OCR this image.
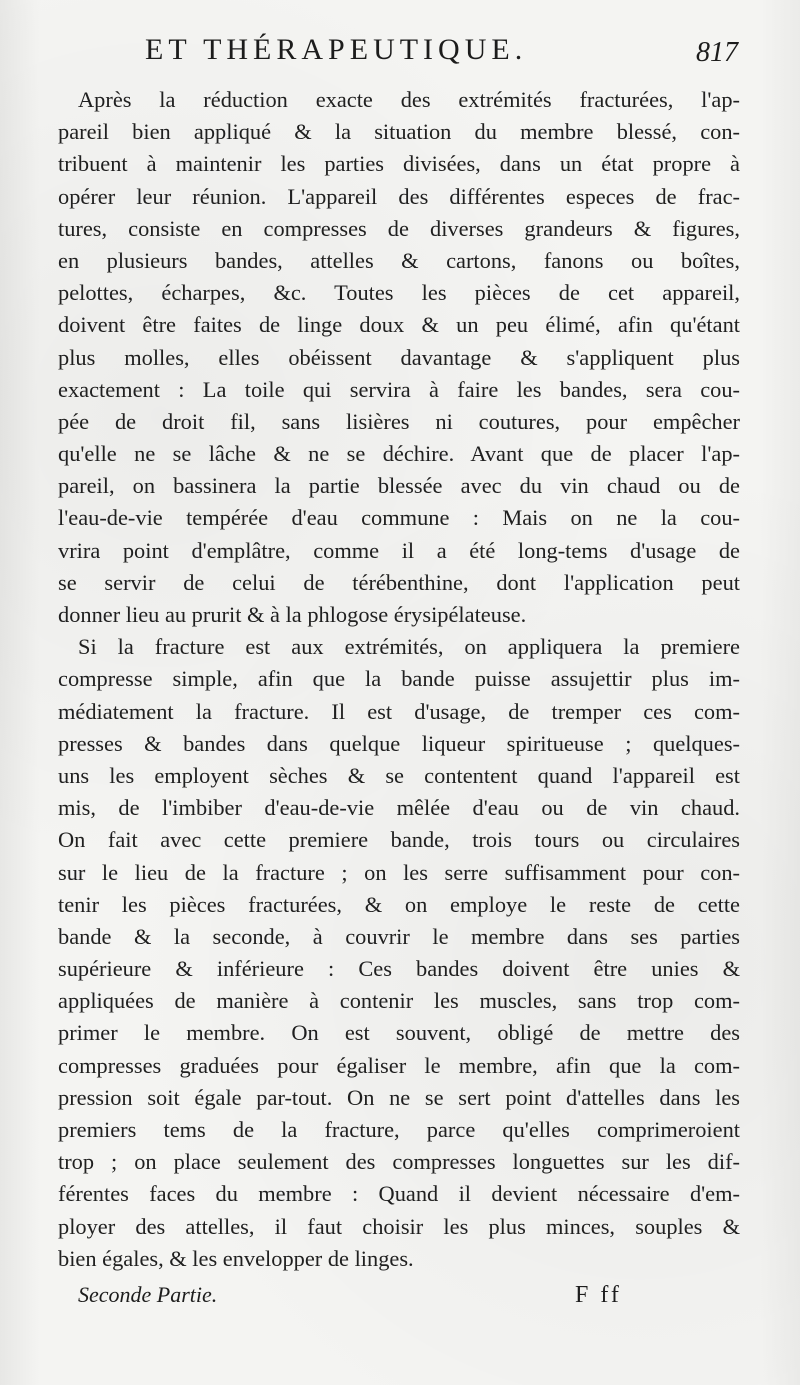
ET THÉRAPEUTIQUE.	817
Après la réduction exacte des extrémités fracturées, l'ap-
pareil bien appliqué & la situation du membre blessé, con-
tribuent à maintenir les parties divisées, dans un état propre à
opérer leur réunion. L'appareil des différentes especes de frac-
tures, consiste en compresses de diverses grandeurs & figures,
en plusieurs bandes, attelles & cartons, fanons ou boîtes,
pelottes, écharpes, &c. Toutes les pièces de cet appareil,
doivent être faites de linge doux & un peu élimé, afin qu'étant
plus molles, elles obéissent davantage & s'appliquent plus
exactement : La toile qui servira à faire les bandes, sera cou-
pée de droit fil, sans lisières ni coutures, pour empêcher
qu'elle ne se lâche & ne se déchire. Avant que de placer l'ap-
pareil, on bassinera la partie blessée avec du vin chaud ou de
l'eau-de-vie tempérée d'eau commune : Mais on ne la cou-
vrira point d'emplâtre, comme il a été long-tems d'usage de
se servir de celui de térébenthine, dont l'application peut
donner lieu au prurit & à la phlogose érysipélateuse.
Si la fracture est aux extrémités, on appliquera la premiere
compresse simple, afin que la bande puisse assujettir plus im-
médiatement la fracture. Il est d'usage, de tremper ces com-
presses & bandes dans quelque liqueur spiritueuse ; quelques-
uns les employent sèches & se contentent quand l'appareil est
mis, de l'imbiber d'eau-de-vie mêlée d'eau ou de vin chaud.
On fait avec cette premiere bande, trois tours ou circulaires
sur le lieu de la fracture ; on les serre suffisamment pour con-
tenir les pièces fracturées, & on employe le reste de cette
bande & la seconde, à couvrir le membre dans ses parties
supérieure & inférieure : Ces bandes doivent être unies &
appliquées de manière à contenir les muscles, sans trop com-
primer le membre. On est souvent, obligé de mettre des
compresses graduées pour égaliser le membre, afin que la com-
pression soit égale par-tout. On ne se sert point d'attelles dans les
premiers tems de la fracture, parce qu'elles comprimeroient
trop ; on place seulement des compresses longuettes sur les dif-
férentes faces du membre : Quand il devient nécessaire d'em-
ployer des attelles, il faut choisir les plus minces, souples &
bien égales, & les envelopper de linges.
Seconde Partie.	F ff
